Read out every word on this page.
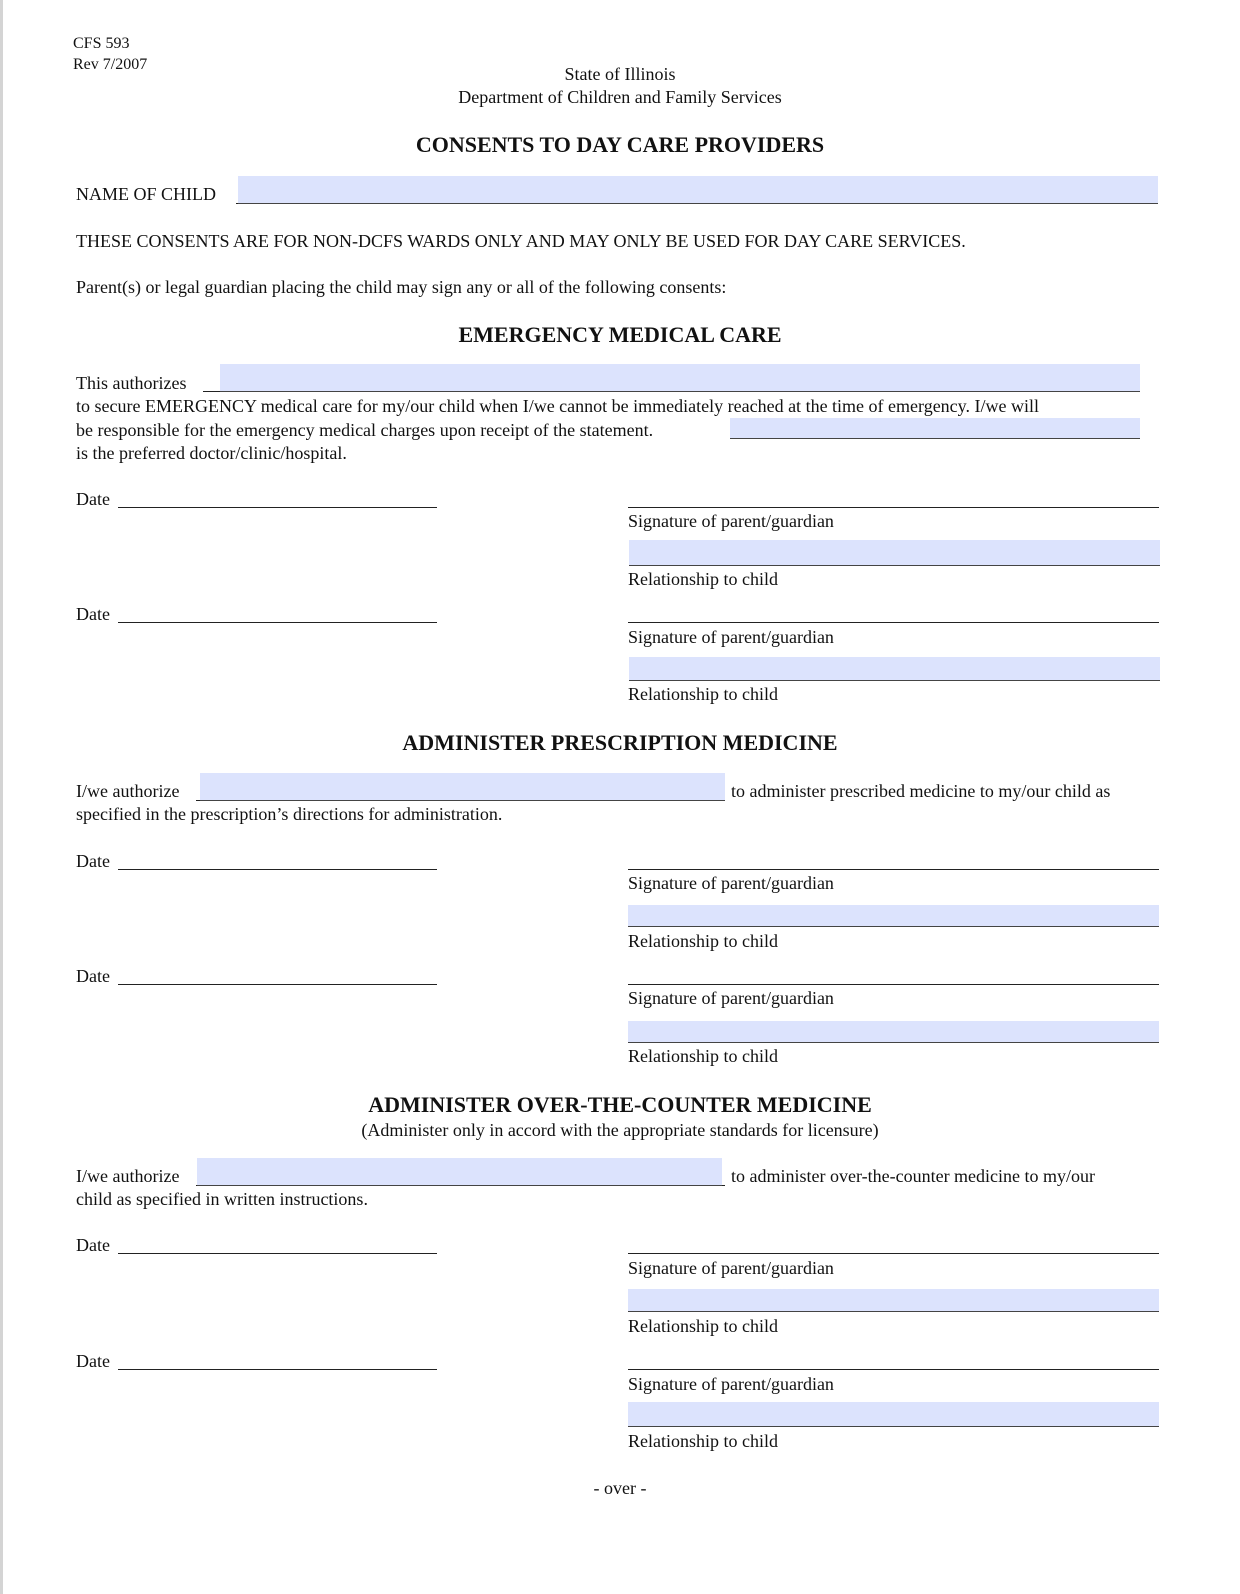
CFS 593
Rev 7/2007	State of Illinois
Department of Children and Family Services
CONSENTS TO DAY CARE PROVIDERS
NAME OF CHILD
THESE CONSENTS ARE FOR NON-DCFS WARDS ONLY AND MAY ONLY BE USED FOR DAY CARE SERVICES.
Parent(s) or legal guardian placing the child may sign any or all of the following consents:
EMERGENCY MEDICAL CARE
This authorizes
to secure EMERGENCY medical care for my/our child when I/we cannot be immediately reached at the time of emergency. I/we will
be responsible for the emergency medical charges upon receipt of the statement.
is the preferred doctor/clinic/hospital.
Date
Signature of parent/guardian
Relationship to child
Date
Signature of parent/guardian
Relationship to child
ADMINISTER PRESCRIPTION MEDICINE
I/we authorize	to administer prescribed medicine to my/our child as
specified in the prescription’s directions for administration.
Date
Signature of parent/guardian
Relationship to child
Date
Signature of parent/guardian
Relationship to child
ADMINISTER OVER-THE-COUNTER MEDICINE
(Administer only in accord with the appropriate standards for licensure)
I/we authorize	to administer over-the-counter medicine to my/our
child as specified in written instructions.
Date
Signature of parent/guardian
Relationship to child
Date
Signature of parent/guardian
Relationship to child
- over -
